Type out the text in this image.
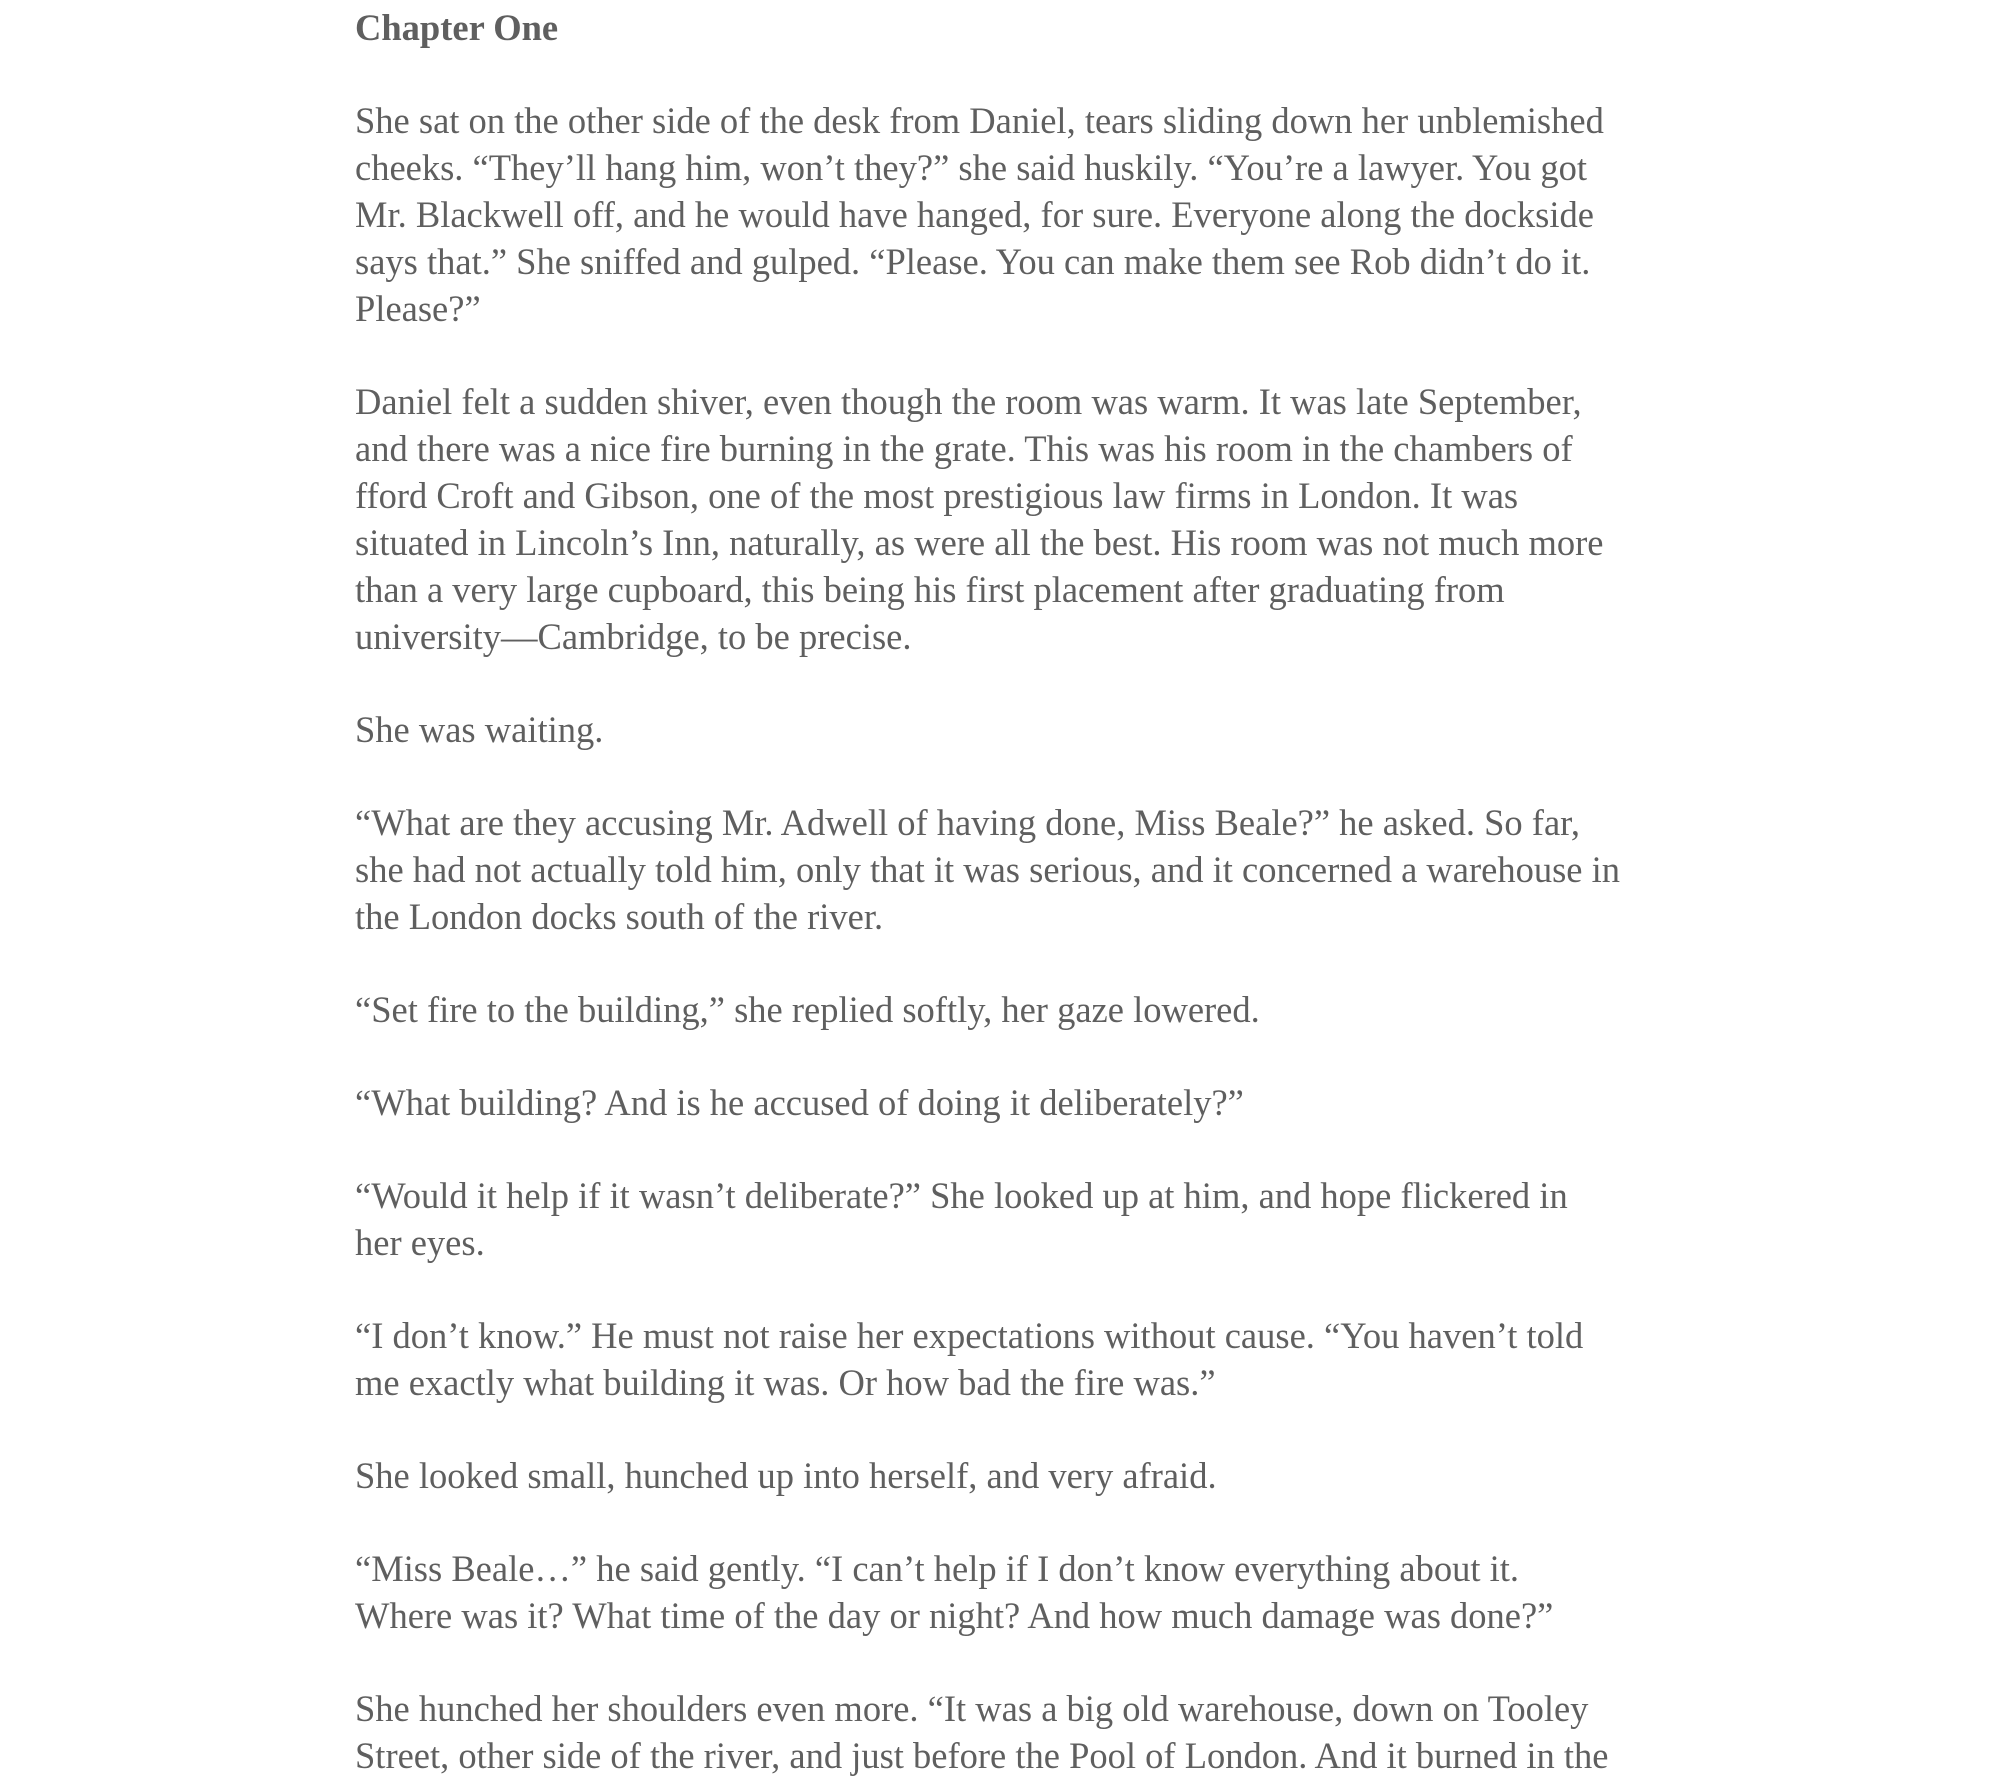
Chapter One

She sat on the other side of the desk from Daniel, tears sliding down her unblemished
cheeks. “They’ll hang him, won’t they?” she said huskily. “You’re a lawyer. You got
Mr. Blackwell off, and he would have hanged, for sure. Everyone along the dockside
says that.” She sniffed and gulped. “Please. You can make them see Rob didn’t do it.
Please?”

Daniel felt a sudden shiver, even though the room was warm. It was late September,
and there was a nice fire burning in the grate. This was his room in the chambers of
fford Croft and Gibson, one of the most prestigious law firms in London. It was
situated in Lincoln’s Inn, naturally, as were all the best. His room was not much more
than a very large cupboard, this being his first placement after graduating from
university—Cambridge, to be precise.

She was waiting.

“What are they accusing Mr. Adwell of having done, Miss Beale?” he asked. So far,
she had not actually told him, only that it was serious, and it concerned a warehouse in
the London docks south of the river.

“Set fire to the building,” she replied softly, her gaze lowered.

“What building? And is he accused of doing it deliberately?”

“Would it help if it wasn’t deliberate?” She looked up at him, and hope flickered in
her eyes.

“I don’t know.” He must not raise her expectations without cause. “You haven’t told
me exactly what building it was. Or how bad the fire was.”

She looked small, hunched up into herself, and very afraid.

“Miss Beale…” he said gently. “I can’t help if I don’t know everything about it.
Where was it? What time of the day or night? And how much damage was done?”

She hunched her shoulders even more. “It was a big old warehouse, down on Tooley
Street, other side of the river, and just before the Pool of London. And it burned in the
